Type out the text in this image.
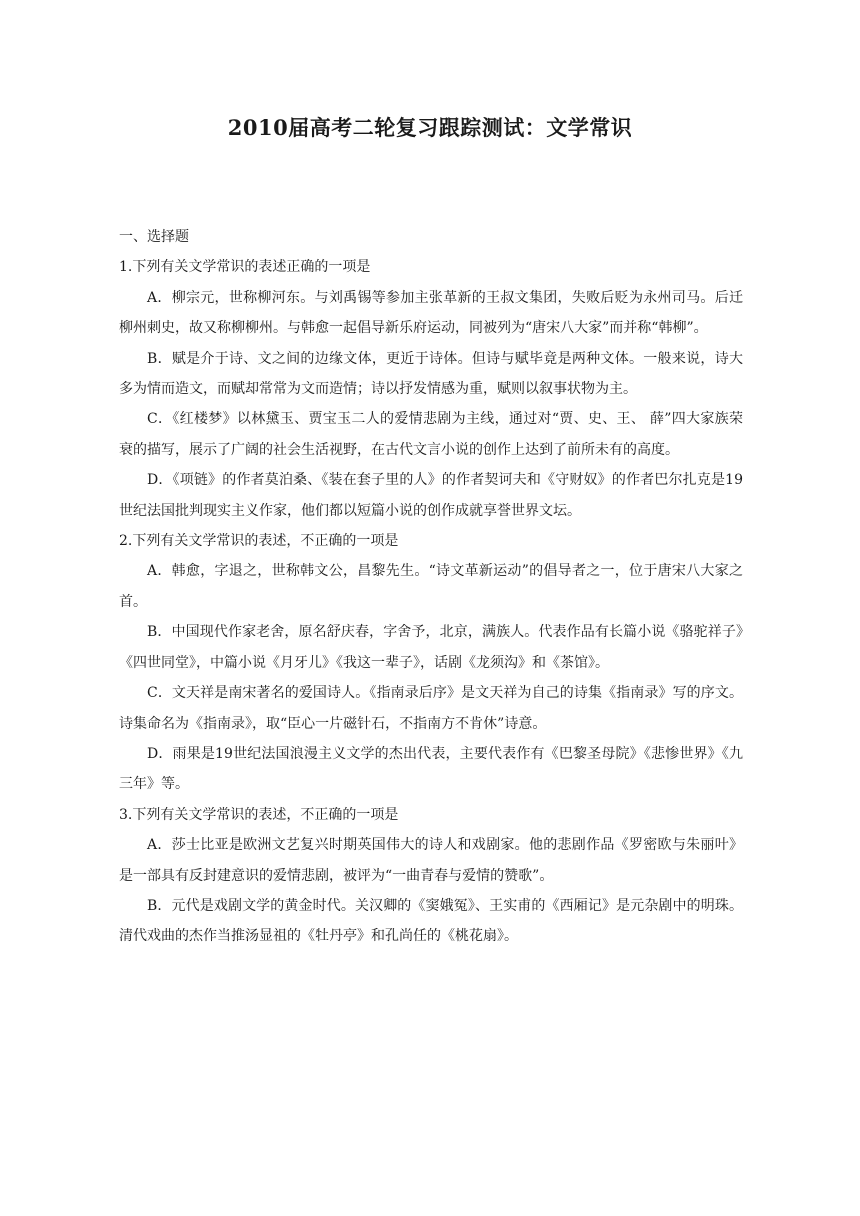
2010届高考二轮复习跟踪测试：文学常识

一、选择题

1.下列有关文学常识的表述正确的一项是

A．柳宗元，世称柳河东。与刘禹锡等参加主张革新的王叔文集团，失败后贬为永州司马。后迁柳州刺史，故又称柳柳州。与韩愈一起倡导新乐府运动，同被列为“唐宋八大家”而并称“韩柳”。

B．赋是介于诗、文之间的边缘文体，更近于诗体。但诗与赋毕竟是两种文体。一般来说，诗大多为情而造文，而赋却常常为文而造情；诗以抒发情感为重，赋则以叙事状物为主。

C．《红楼梦》以林黛玉、贾宝玉二人的爱情悲剧为主线，通过对“贾、史、王、 薛”四大家族荣衰的描写，展示了广阔的社会生活视野，在古代文言小说的创作上达到了前所未有的高度。

D．《项链》的作者莫泊桑、《装在套子里的人》的作者契诃夫和《守财奴》的作者巴尔扎克是19世纪法国批判现实主义作家，他们都以短篇小说的创作成就享誉世界文坛。

2.下列有关文学常识的表述，不正确的一项是

A．韩愈，字退之，世称韩文公，昌黎先生。“诗文革新运动”的倡导者之一，位于唐宋八大家之首。

B．中国现代作家老舍，原名舒庆春，字舍予，北京，满族人。代表作品有长篇小说《骆驼祥子》《四世同堂》，中篇小说《月牙儿》《我这一辈子》，话剧《龙须沟》和《茶馆》。

C．文天祥是南宋著名的爱国诗人。《指南录后序》是文天祥为自己的诗集《指南录》写的序文。诗集命名为《指南录》，取“臣心一片磁针石，不指南方不肯休”诗意。

D．雨果是19世纪法国浪漫主义文学的杰出代表，主要代表作有《巴黎圣母院》《悲惨世界》《九三年》等。

3.下列有关文学常识的表述，不正确的一项是

A．莎士比亚是欧洲文艺复兴时期英国伟大的诗人和戏剧家。他的悲剧作品《罗密欧与朱丽叶》是一部具有反封建意识的爱情悲剧，被评为“一曲青春与爱情的赞歌”。

B．元代是戏剧文学的黄金时代。关汉卿的《窦娥冤》、王实甫的《西厢记》是元杂剧中的明珠。清代戏曲的杰作当推汤显祖的《牡丹亭》和孔尚任的《桃花扇》。
